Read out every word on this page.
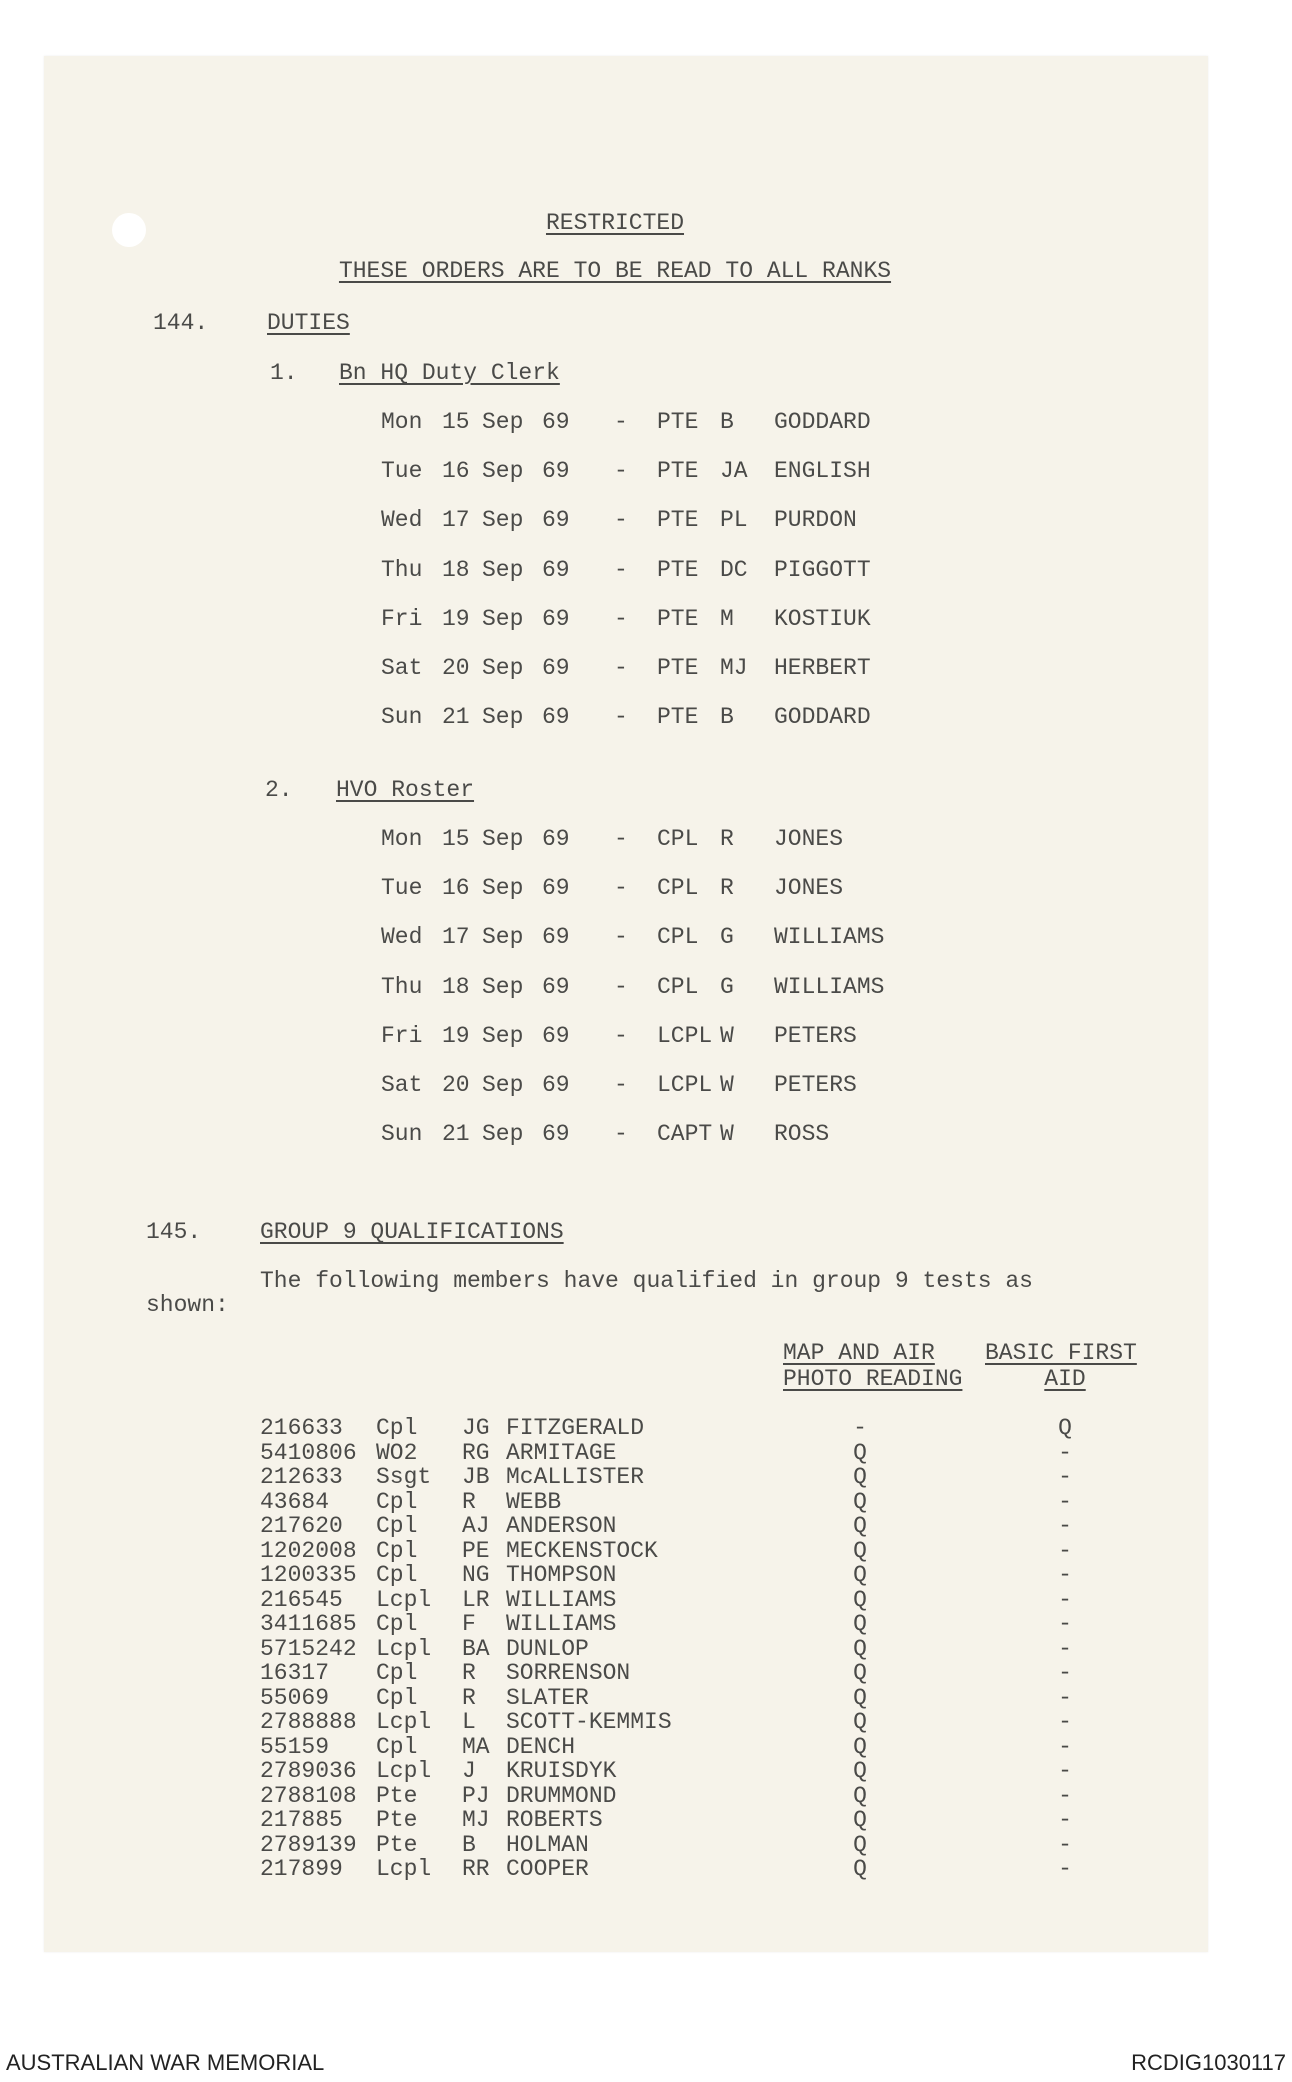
RESTRICTED
THESE ORDERS ARE TO BE READ TO ALL RANKS
144.	DUTIES
1. Bn HQ Duty Clerk
Mon 15 Sep 69 - PTE B GODDARD
Tue 16 Sep 69 - PTE JA ENGLISH
Wed 17 Sep 69 - PTE PL PURDON
Thu 18 Sep 69 - PTE DC PIGGOTT
Fri 19 Sep 69 - PTE M KOSTIUK
Sat 20 Sep 69 - PTE MJ HERBERT
Sun 21 Sep 69 - PTE B GODDARD
2. HVO Roster
Mon 15 Sep 69 - CPL R JONES
Tue 16 Sep 69 - CPL R JONES
Wed 17 Sep 69 - CPL G WILLIAMS
Thu 18 Sep 69 - CPL G WILLIAMS
Fri 19 Sep 69 - LCPL W PETERS
Sat 20 Sep 69 - LCPL W PETERS
Sun 21 Sep 69 - CAPT W ROSS
145.	GROUP 9 QUALIFICATIONS
The following members have qualified in group 9 tests as
shown:
MAP AND AIR
PHOTO READING
BASIC FIRST
AID
216633 Cpl JG FITZGERALD	-	Q
5410806 WO2 RG ARMITAGE	Q	-
212633 Ssgt JB McALLISTER	Q	-
43684 Cpl R WEBB	Q	-
217620 Cpl AJ ANDERSON	Q	-
1202008 Cpl PE MECKENSTOCK	Q	-
1200335 Cpl NG THOMPSON	Q	-
216545 Lcpl LR WILLIAMS	Q	-
3411685 Cpl F WILLIAMS	Q	-
5715242 Lcpl BA DUNLOP	Q	-
16317 Cpl R SORRENSON	Q	-
55069 Cpl R SLATER	Q	-
2788888 Lcpl L SCOTT-KEMMIS	Q	-
55159 Cpl MA DENCH	Q	-
2789036 Lcpl J KRUISDYK	Q	-
2788108 Pte PJ DRUMMOND	Q	-
217885 Pte MJ ROBERTS	Q	-
2789139 Pte B HOLMAN	Q	-
217899 Lcpl RR COOPER	Q	-
AUSTRALIAN WAR MEMORIAL	RCDIG1030117
